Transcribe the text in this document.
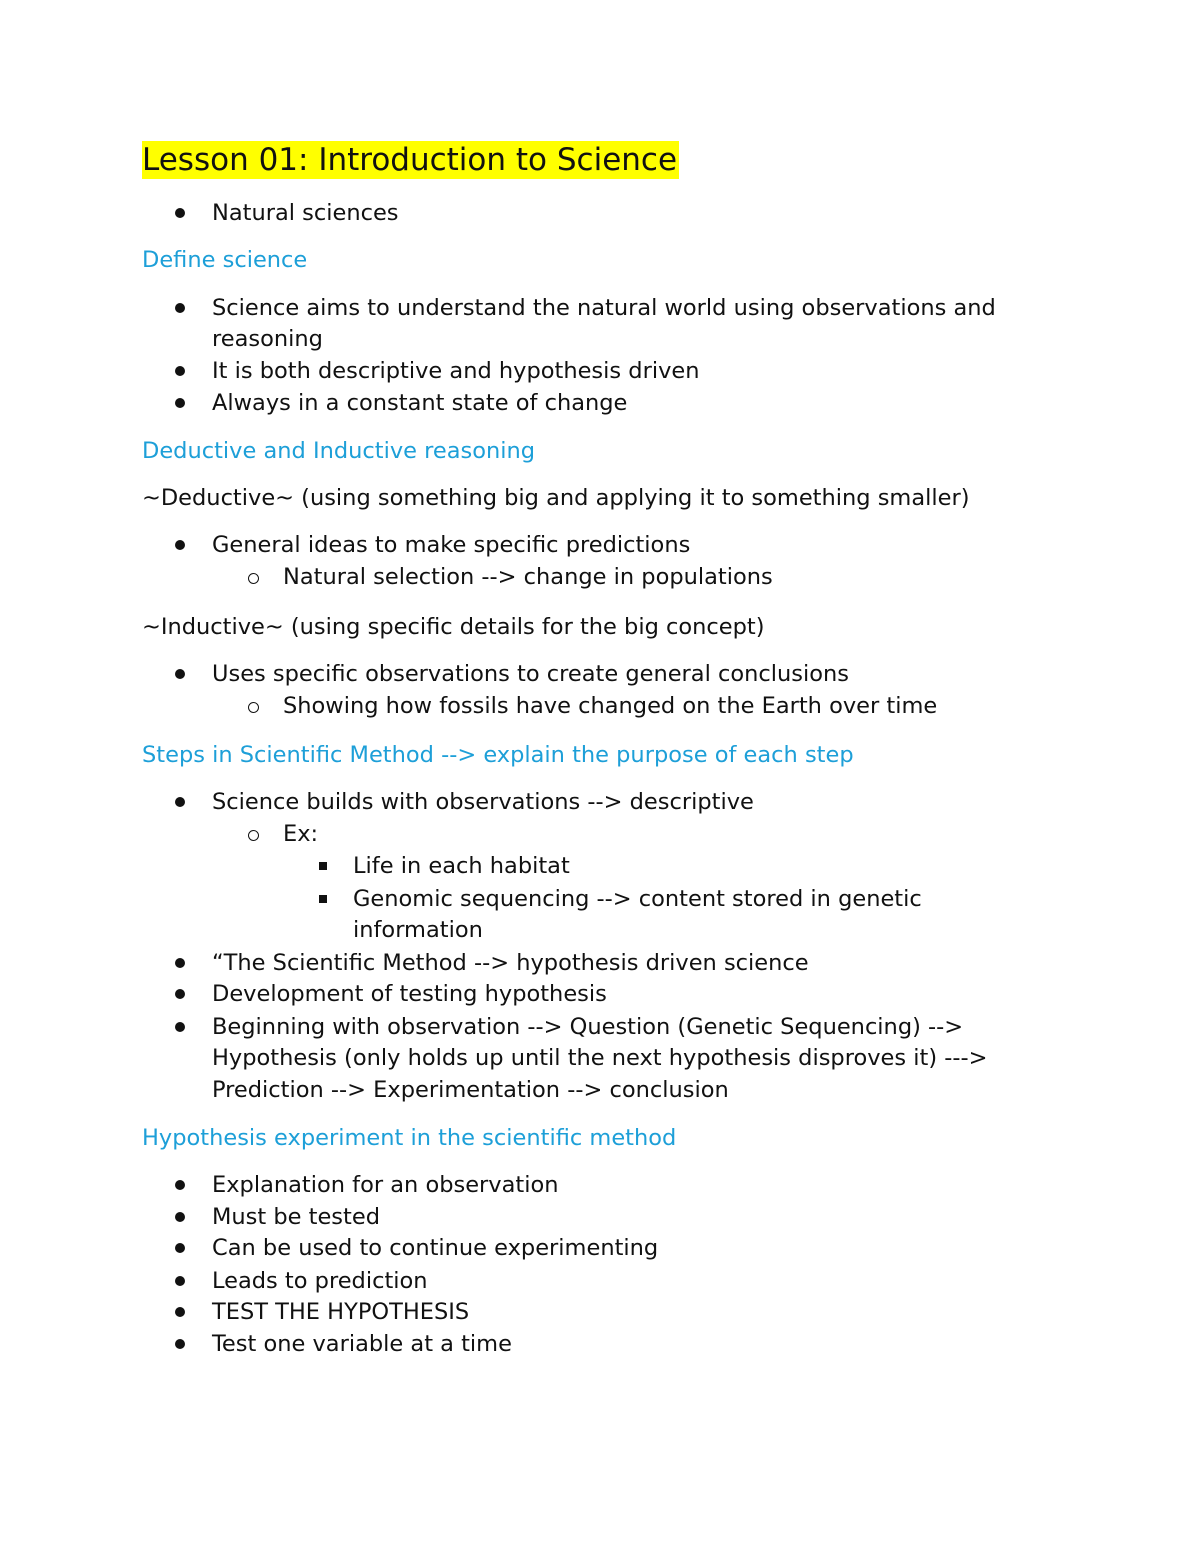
Lesson 01: Introduction to Science
Natural sciences
Define science
Science aims to understand the natural world using observations and
reasoning
It is both descriptive and hypothesis driven
Always in a constant state of change
Deductive and Inductive reasoning
~Deductive~ (using something big and applying it to something smaller)
General ideas to make specific predictions
Natural selection --> change in populations
~Inductive~ (using specific details for the big concept)
Uses specific observations to create general conclusions
Showing how fossils have changed on the Earth over time
Steps in Scientific Method --> explain the purpose of each step
Science builds with observations --> descriptive
Ex:
Life in each habitat
Genomic sequencing --> content stored in genetic
information
“The Scientific Method --> hypothesis driven science
Development of testing hypothesis
Beginning with observation --> Question (Genetic Sequencing) -->
Hypothesis (only holds up until the next hypothesis disproves it) --->
Prediction --> Experimentation --> conclusion
Hypothesis experiment in the scientific method
Explanation for an observation
Must be tested
Can be used to continue experimenting
Leads to prediction
TEST THE HYPOTHESIS
Test one variable at a time
